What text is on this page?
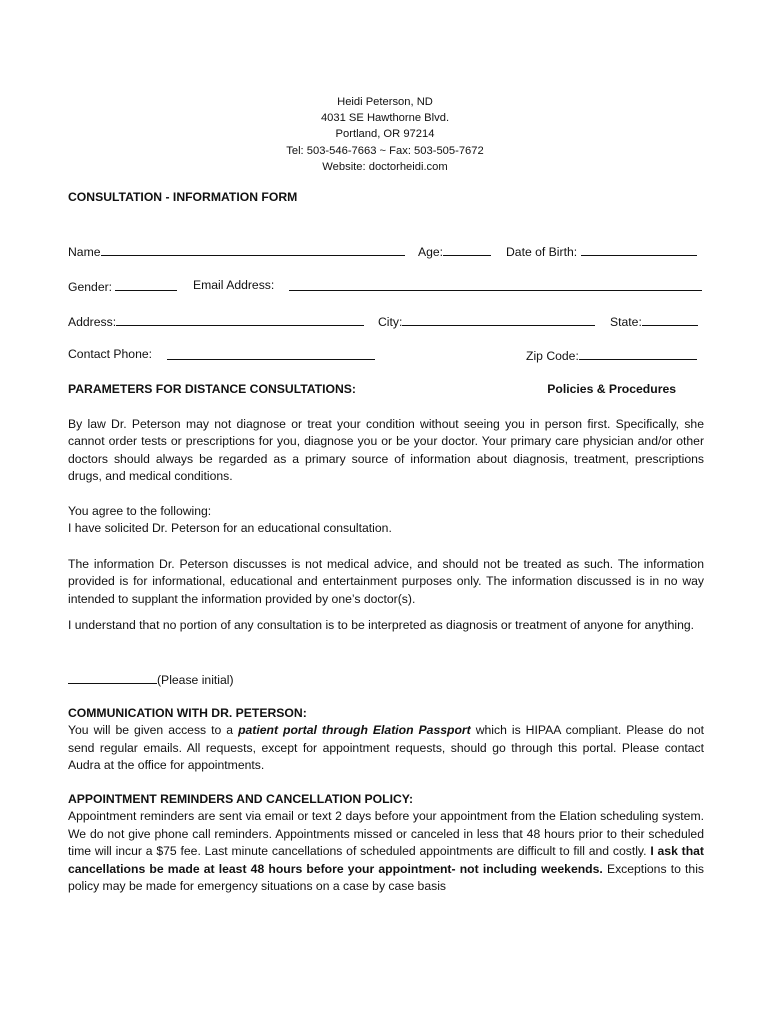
Heidi Peterson, ND
4031 SE Hawthorne Blvd.
Portland, OR 97214
Tel: 503-546-7663 ~ Fax: 503-505-7672
Website: doctorheidi.com
CONSULTATION - INFORMATION FORM
Name	Age:	Date of Birth:
Gender:	Email Address:
Address:	City:	State:
Contact Phone:	Zip Code:
PARAMETERS FOR DISTANCE CONSULTATIONS:	Policies & Procedures

By law Dr. Peterson may not diagnose or treat your condition without seeing you in person first. Specifically, she cannot order tests or prescriptions for you, diagnose you or be your doctor. Your primary care physician and/or other doctors should always be regarded as a primary source of information about diagnosis, treatment, prescriptions drugs, and medical conditions.

You agree to the following:
I have solicited Dr. Peterson for an educational consultation.

The information Dr. Peterson discusses is not medical advice, and should not be treated as such. The information provided is for informational, educational and entertainment purposes only. The information discussed is in no way intended to supplant the information provided by one’s doctor(s).

I understand that no portion of any consultation is to be interpreted as diagnosis or treatment of anyone for anything.

(Please initial)

COMMUNICATION WITH DR. PETERSON:
You will be given access to a patient portal through Elation Passport which is HIPAA compliant. Please do not send regular emails. All requests, except for appointment requests, should go through this portal. Please contact Audra at the office for appointments.

APPOINTMENT REMINDERS AND CANCELLATION POLICY:
Appointment reminders are sent via email or text 2 days before your appointment from the Elation scheduling system. We do not give phone call reminders. Appointments missed or canceled in less that 48 hours prior to their scheduled time will incur a $75 fee. Last minute cancellations of scheduled appointments are difficult to fill and costly. I ask that cancellations be made at least 48 hours before your appointment- not including weekends. Exceptions to this policy may be made for emergency situations on a case by case basis
